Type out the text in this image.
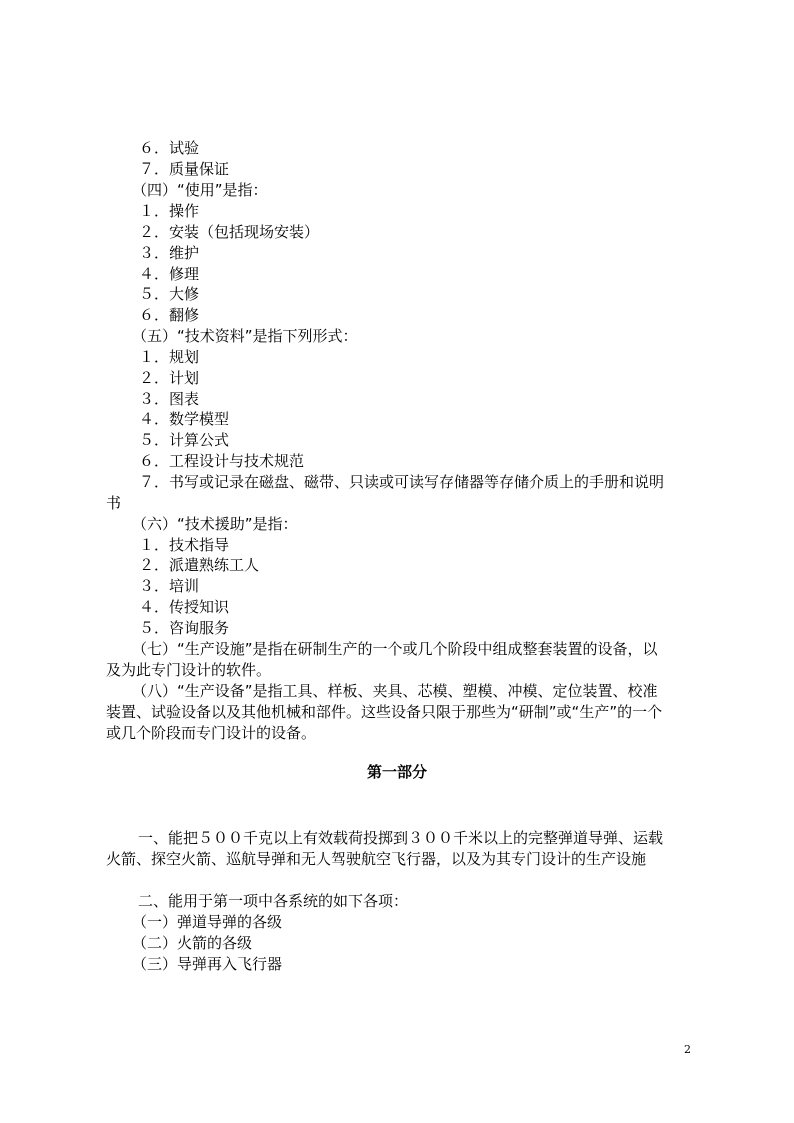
６．试验
７．质量保证
（四）“使用”是指：
１．操作
２．安装（包括现场安装）
３．维护
４．修理
５．大修
６．翻修
（五）“技术资料”是指下列形式：
１．规划
２．计划
３．图表
４．数学模型
５．计算公式
６．工程设计与技术规范
７．书写或记录在磁盘、磁带、只读或可读写存储器等存储介质上的手册和说明
书
（六）“技术援助”是指：
１．技术指导
２．派遣熟练工人
３．培训
４．传授知识
５．咨询服务
（七）“生产设施”是指在研制生产的一个或几个阶段中组成整套装置的设备，以
及为此专门设计的软件。
（八）“生产设备”是指工具、样板、夹具、芯模、塑模、冲模、定位装置、校准
装置、试验设备以及其他机械和部件。这些设备只限于那些为“研制”或“生产”的一个
或几个阶段而专门设计的设备。
第一部分
一、能把５００千克以上有效载荷投掷到３００千米以上的完整弹道导弹、运载
火箭、探空火箭、巡航导弹和无人驾驶航空飞行器，以及为其专门设计的生产设施
二、能用于第一项中各系统的如下各项：
（一）弹道导弹的各级
（二）火箭的各级
（三）导弹再入飞行器
2
